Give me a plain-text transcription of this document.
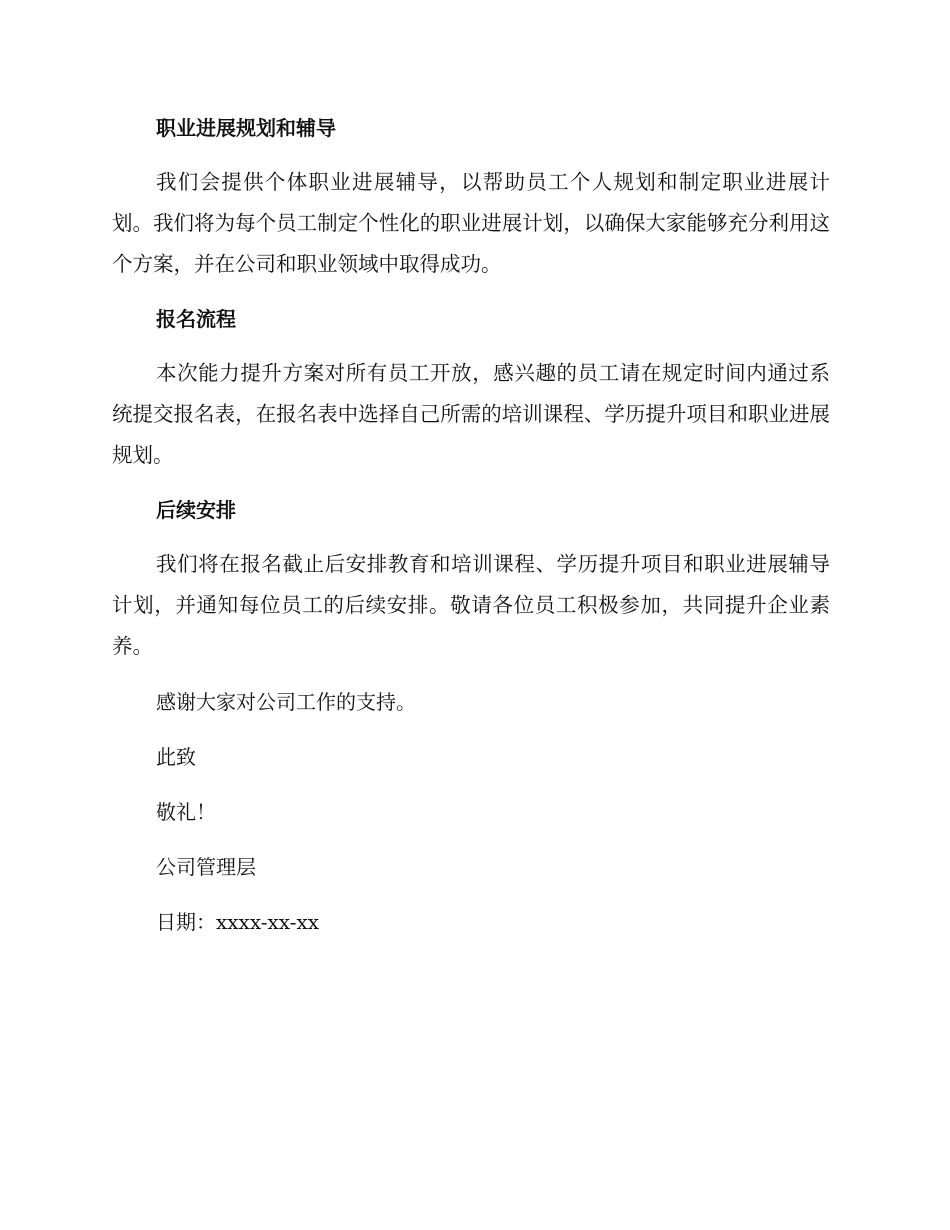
职业进展规划和辅导

我们会提供个体职业进展辅导，以帮助员工个人规划和制定职业进展计划。我们将为每个员工制定个性化的职业进展计划，以确保大家能够充分利用这个方案，并在公司和职业领域中取得成功。

报名流程

本次能力提升方案对所有员工开放，感兴趣的员工请在规定时间内通过系统提交报名表，在报名表中选择自己所需的培训课程、学历提升项目和职业进展规划。

后续安排

我们将在报名截止后安排教育和培训课程、学历提升项目和职业进展辅导计划，并通知每位员工的后续安排。敬请各位员工积极参加，共同提升企业素养。

感谢大家对公司工作的支持。

此致

敬礼！

公司管理层

日期：xxxx-xx-xx
